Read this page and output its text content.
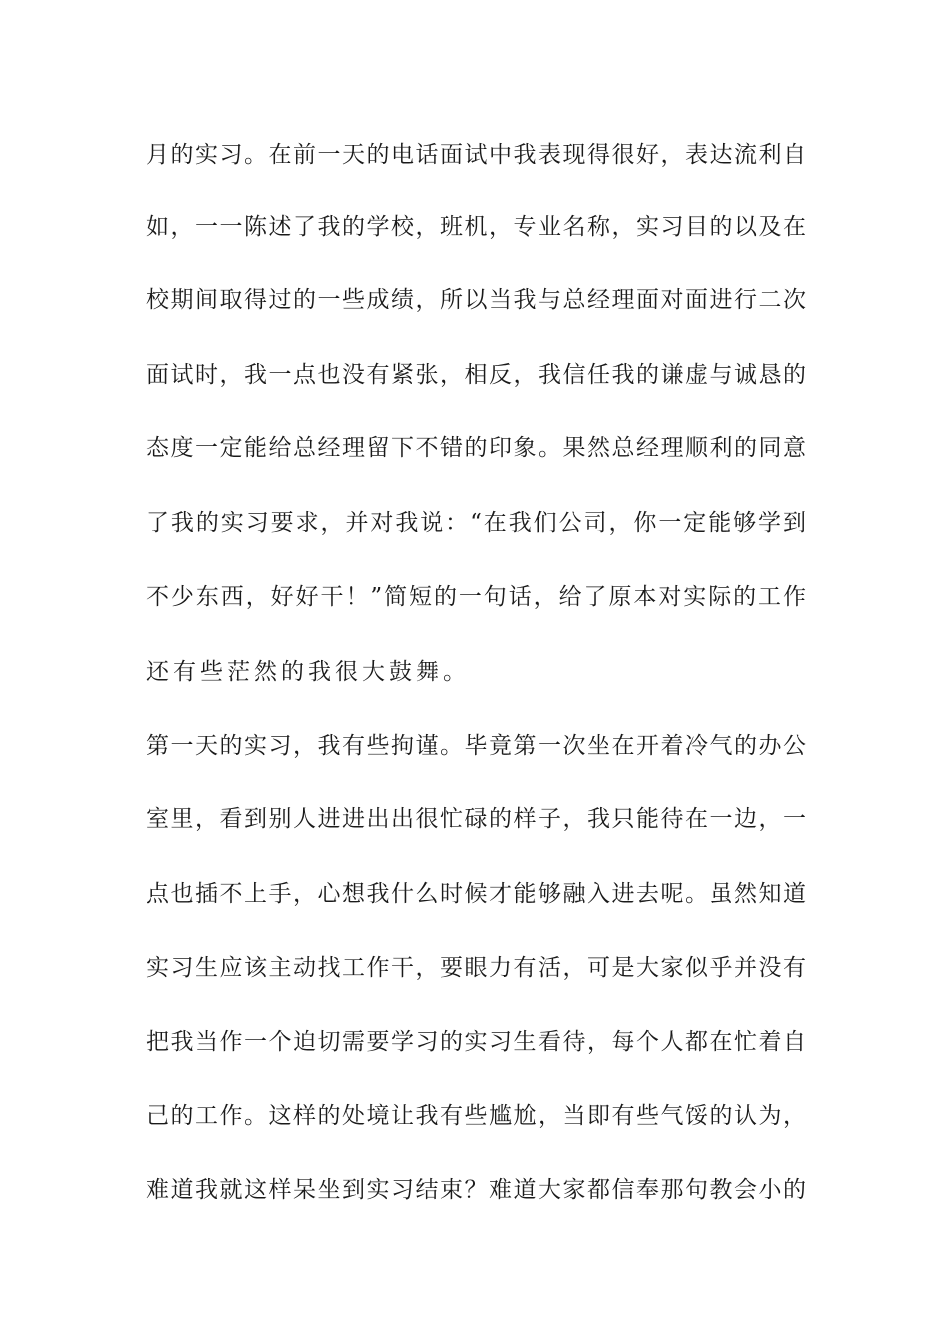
月的实习。在前一天的电话面试中我表现得很好，表达流利自
如，一一陈述了我的学校，班机，专业名称，实习目的以及在
校期间取得过的一些成绩，所以当我与总经理面对面进行二次
面试时，我一点也没有紧张，相反，我信任我的谦虚与诚恳的
态度一定能给总经理留下不错的印象。果然总经理顺利的同意
了我的实习要求，并对我说：“在我们公司，你一定能够学到
不少东西，好好干！”简短的一句话，给了原本对实际的工作
还有些茫然的我很大鼓舞。
第一天的实习，我有些拘谨。毕竟第一次坐在开着冷气的办公
室里，看到别人进进出出很忙碌的样子，我只能待在一边，一
点也插不上手，心想我什么时候才能够融入进去呢。虽然知道
实习生应该主动找工作干，要眼力有活，可是大家似乎并没有
把我当作一个迫切需要学习的实习生看待，每个人都在忙着自
己的工作。这样的处境让我有些尴尬，当即有些气馁的认为，
难道我就这样呆坐到实习结束？难道大家都信奉那句教会小的
